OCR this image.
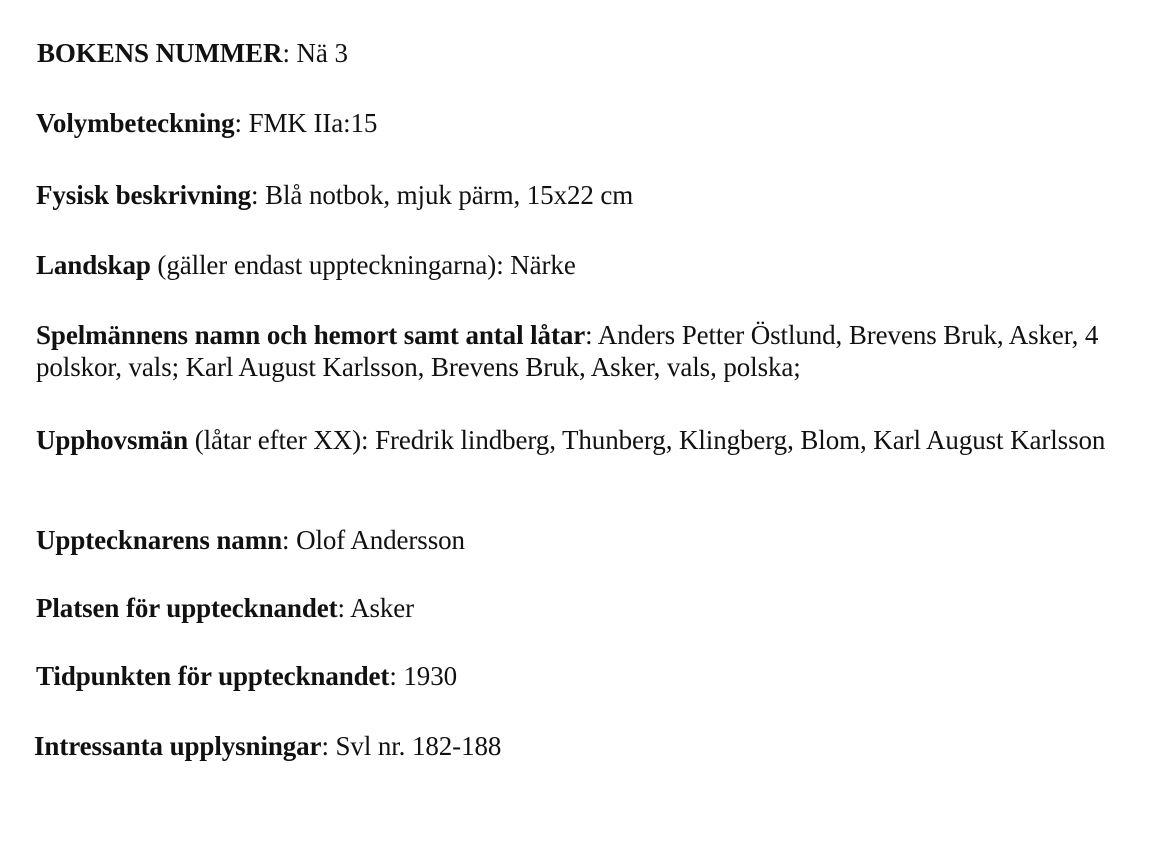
BOKENS NUMMER: Nä 3
Volymbeteckning: FMK IIa:15
Fysisk beskrivning: Blå notbok, mjuk pärm, 15x22 cm
Landskap (gäller endast uppteckningarna): Närke
Spelmännens namn och hemort samt antal låtar: Anders Petter Östlund, Brevens Bruk, Asker, 4 polskor, vals; Karl August Karlsson, Brevens Bruk, Asker, vals, polska;
Upphovsmän (låtar efter XX): Fredrik lindberg, Thunberg, Klingberg, Blom, Karl August Karlsson
Upptecknarens namn: Olof Andersson
Platsen för upptecknandet: Asker
Tidpunkten för upptecknandet: 1930
Intressanta upplysningar: Svl nr. 182-188
